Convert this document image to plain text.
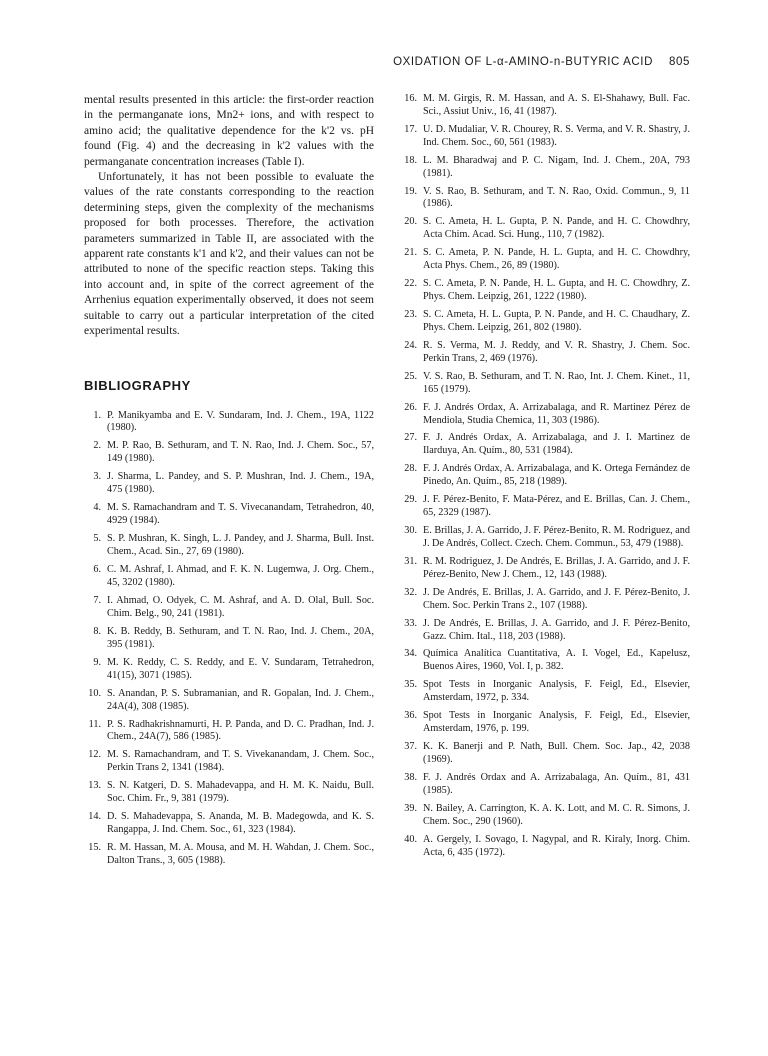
OXIDATION OF L-α-AMINO-n-BUTYRIC ACID 805

mental results presented in this article: the first-order reaction in the permanganate ions, Mn2+ ions, and with respect to amino acid; the qualitative dependence for the k'2 vs. pH found (Fig. 4) and the decreasing in k'2 values with the permanganate concentration increases (Table I).

Unfortunately, it has not been possible to evaluate the values of the rate constants corresponding to the reaction determining steps, given the complexity of the mechanisms proposed for both processes. Therefore, the activation parameters summarized in Table II, are associated with the apparent rate constants k'1 and k'2, and their values can not be attributed to none of the specific reaction steps. Taking this into account and, in spite of the correct agreement of the Arrhenius equation experimentally observed, it does not seem suitable to carry out a particular interpretation of the cited experimental results.

BIBLIOGRAPHY
1. P. Manikyamba and E. V. Sundaram, Ind. J. Chem., 19A, 1122 (1980).
2. M. P. Rao, B. Sethuram, and T. N. Rao, Ind. J. Chem. Soc., 57, 149 (1980).
3. J. Sharma, L. Pandey, and S. P. Mushran, Ind. J. Chem., 19A, 475 (1980).
4. M. S. Ramachandram and T. S. Vivecanandam, Tetrahedron, 40, 4929 (1984).
5. S. P. Mushran, K. Singh, L. J. Pandey, and J. Sharma, Bull. Inst. Chem., Acad. Sin., 27, 69 (1980).
6. C. M. Ashraf, I. Ahmad, and F. K. N. Lugemwa, J. Org. Chem., 45, 3202 (1980).
7. I. Ahmad, O. Odyek, C. M. Ashraf, and A. D. Olal, Bull. Soc. Chim. Belg., 90, 241 (1981).
8. K. B. Reddy, B. Sethuram, and T. N. Rao, Ind. J. Chem., 20A, 395 (1981).
9. M. K. Reddy, C. S. Reddy, and E. V. Sundaram, Tetrahedron, 41(15), 3071 (1985).
10. S. Anandan, P. S. Subramanian, and R. Gopalan, Ind. J. Chem., 24A(4), 308 (1985).
11. P. S. Radhakrishnamurti, H. P. Panda, and D. C. Pradhan, Ind. J. Chem., 24A(7), 586 (1985).
12. M. S. Ramachandram, and T. S. Vivekanandam, J. Chem. Soc., Perkin Trans 2, 1341 (1984).
13. S. N. Katgeri, D. S. Mahadevappa, and H. M. K. Naidu, Bull. Soc. Chim. Fr., 9, 381 (1979).
14. D. S. Mahadevappa, S. Ananda, M. B. Madegowda, and K. S. Rangappa, J. Ind. Chem. Soc., 61, 323 (1984).
15. R. M. Hassan, M. A. Mousa, and M. H. Wahdan, J. Chem. Soc., Dalton Trans., 3, 605 (1988).
16. M. M. Girgis, R. M. Hassan, and A. S. El-Shahawy, Bull. Fac. Sci., Assiut Univ., 16, 41 (1987).
17. U. D. Mudaliar, V. R. Chourey, R. S. Verma, and V. R. Shastry, J. Ind. Chem. Soc., 60, 561 (1983).
18. L. M. Bharadwaj and P. C. Nigam, Ind. J. Chem., 20A, 793 (1981).
19. V. S. Rao, B. Sethuram, and T. N. Rao, Oxid. Commun., 9, 11 (1986).
20. S. C. Ameta, H. L. Gupta, P. N. Pande, and H. C. Chowdhry, Acta Chim. Acad. Sci. Hung., 110, 7 (1982).
21. S. C. Ameta, P. N. Pande, H. L. Gupta, and H. C. Chowdhry, Acta Phys. Chem., 26, 89 (1980).
22. S. C. Ameta, P. N. Pande, H. L. Gupta, and H. C. Chowdhry, Z. Phys. Chem. Leipzig, 261, 1222 (1980).
23. S. C. Ameta, H. L. Gupta, P. N. Pande, and H. C. Chaudhary, Z. Phys. Chem. Leipzig, 261, 802 (1980).
24. R. S. Verma, M. J. Reddy, and V. R. Shastry, J. Chem. Soc. Perkin Trans, 2, 469 (1976).
25. V. S. Rao, B. Sethuram, and T. N. Rao, Int. J. Chem. Kinet., 11, 165 (1979).
26. F. J. Andrés Ordax, A. Arrizabalaga, and R. Martinez Pérez de Mendiola, Studia Chemica, 11, 303 (1986).
27. F. J. Andrés Ordax, A. Arrizabalaga, and J. I. Martinez de Ilarduya, An. Quím., 80, 531 (1984).
28. F. J. Andrés Ordax, A. Arrizabalaga, and K. Ortega Fernández de Pinedo, An. Quím., 85, 218 (1989).
29. J. F. Pérez-Benito, F. Mata-Pérez, and E. Brillas, Can. J. Chem., 65, 2329 (1987).
30. E. Brillas, J. A. Garrido, J. F. Pérez-Benito, R. M. Rodriguez, and J. De Andrés, Collect. Czech. Chem. Commun., 53, 479 (1988).
31. R. M. Rodriguez, J. De Andrés, E. Brillas, J. A. Garrido, and J. F. Pérez-Benito, New J. Chem., 12, 143 (1988).
32. J. De Andrés, E. Brillas, J. A. Garrido, and J. F. Pérez-Benito, J. Chem. Soc. Perkin Trans 2., 107 (1988).
33. J. De Andrés, E. Brillas, J. A. Garrido, and J. F. Pérez-Benito, Gazz. Chim. Ital., 118, 203 (1988).
34. Química Analítica Cuantitativa, A. I. Vogel, Ed., Kapelusz, Buenos Aires, 1960, Vol. I, p. 382.
35. Spot Tests in Inorganic Analysis, F. Feigl, Ed., Elsevier, Amsterdam, 1972, p. 334.
36. Spot Tests in Inorganic Analysis, F. Feigl, Ed., Elsevier, Amsterdam, 1976, p. 199.
37. K. K. Banerji and P. Nath, Bull. Chem. Soc. Jap., 42, 2038 (1969).
38. F. J. Andrés Ordax and A. Arrizabalaga, An. Quím., 81, 431 (1985).
39. N. Bailey, A. Carrington, K. A. K. Lott, and M. C. R. Simons, J. Chem. Soc., 290 (1960).
40. A. Gergely, I. Sovago, I. Nagypal, and R. Kiraly, Inorg. Chim. Acta, 6, 435 (1972).
